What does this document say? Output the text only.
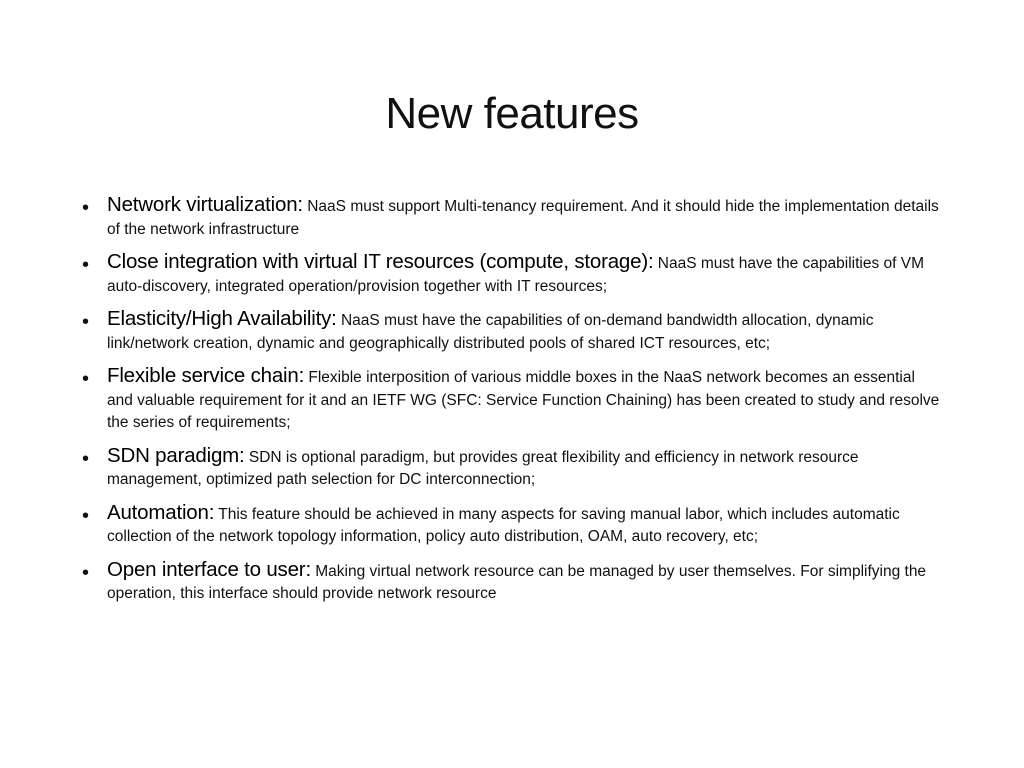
New features
• Network virtualization: NaaS must support Multi-tenancy requirement. And it should hide the implementation details of the network infrastructure
• Close integration with virtual IT resources (compute, storage): NaaS must have the capabilities of VM auto-discovery, integrated operation/provision together with IT resources;
• Elasticity/High Availability: NaaS must have the capabilities of on-demand bandwidth allocation, dynamic link/network creation, dynamic and geographically distributed pools of shared ICT resources, etc;
• Flexible service chain: Flexible interposition of various middle boxes in the NaaS network becomes an essential and valuable requirement for it and an IETF WG (SFC: Service Function Chaining) has been created to study and resolve the series of requirements;
• SDN paradigm: SDN is optional paradigm, but provides great flexibility and efficiency in network resource management, optimized path selection for DC interconnection;
• Automation: This feature should be achieved in many aspects for saving manual labor, which includes automatic collection of the network topology information, policy auto distribution, OAM, auto recovery, etc;
• Open interface to user: Making virtual network resource can be managed by user themselves. For simplifying the operation, this interface should provide network resource
